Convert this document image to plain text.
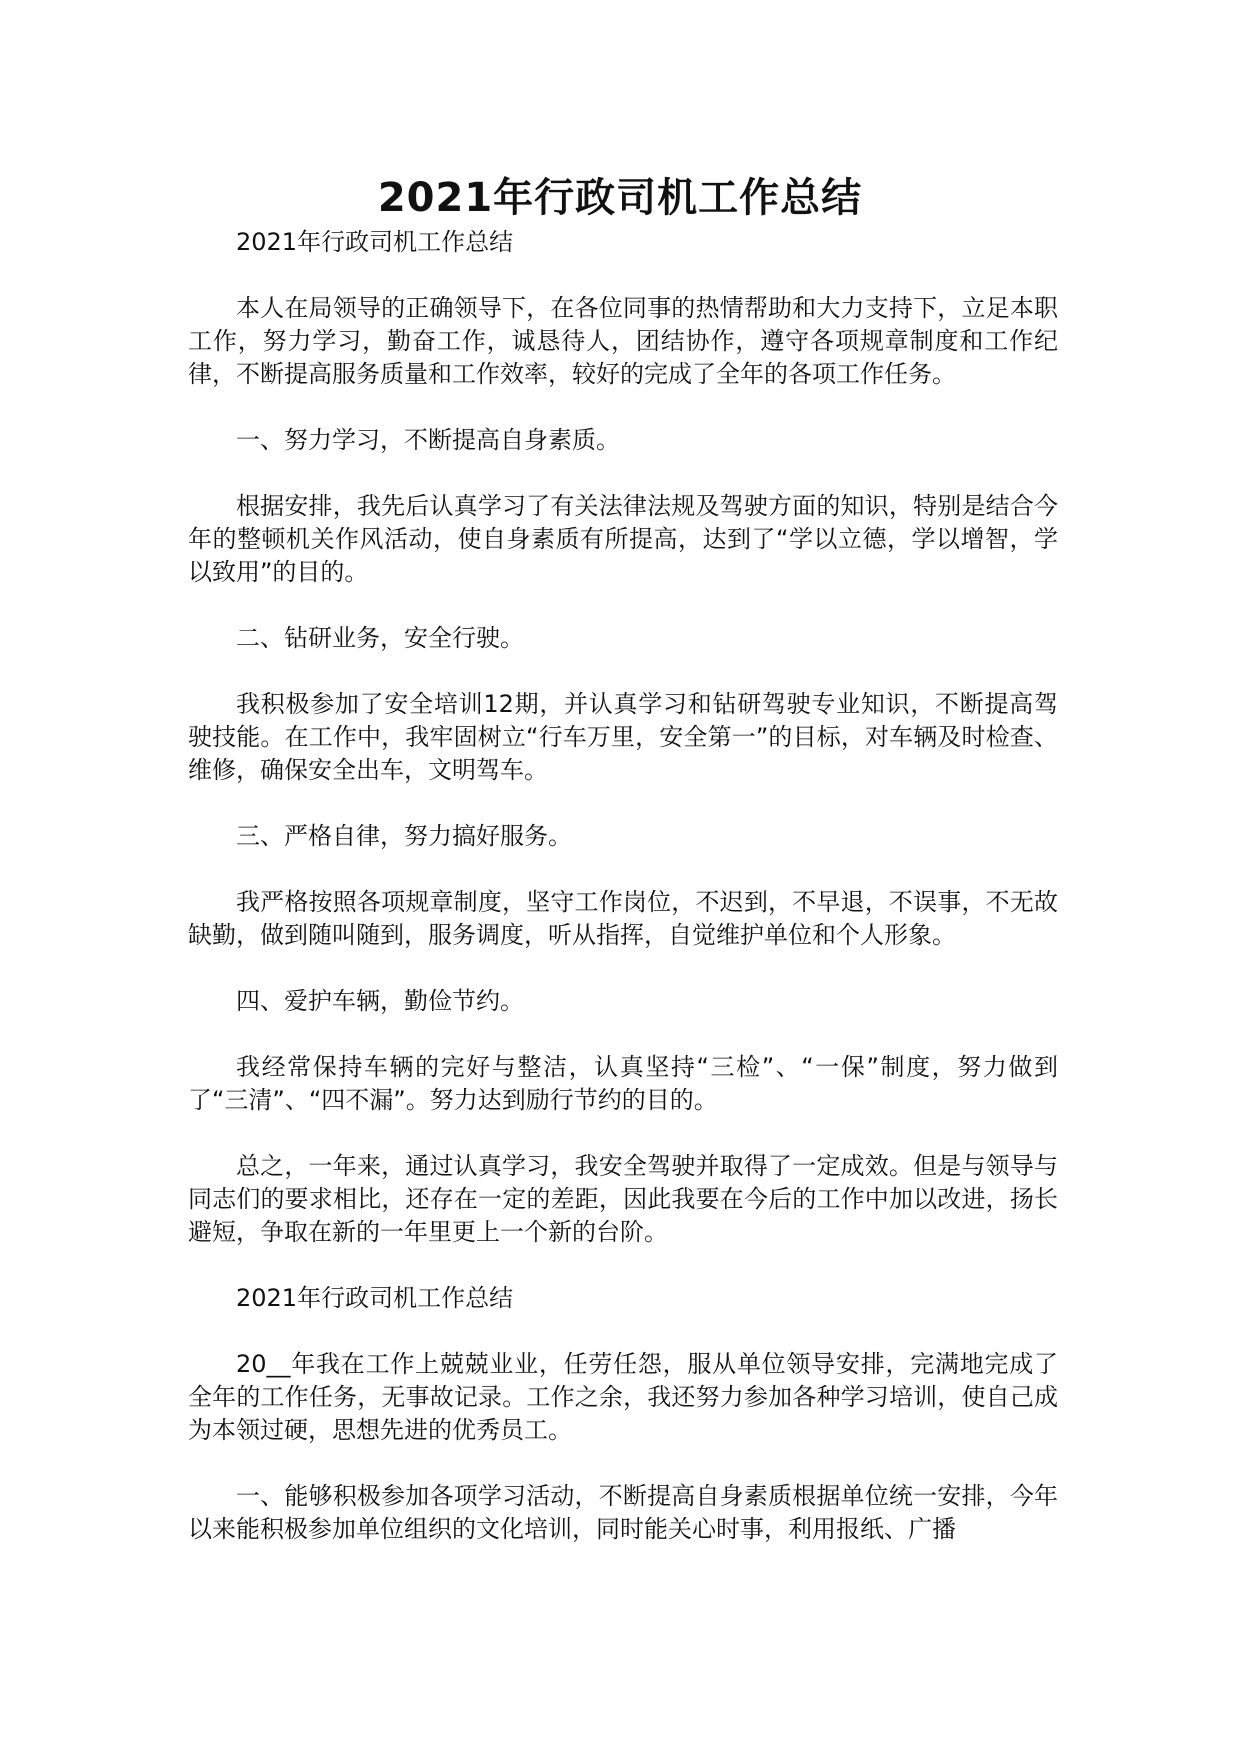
2021年行政司机工作总结

2021年行政司机工作总结

本人在局领导的正确领导下，在各位同事的热情帮助和大力支持下，立足本职工作，努力学习，勤奋工作，诚恳待人，团结协作，遵守各项规章制度和工作纪律，不断提高服务质量和工作效率，较好的完成了全年的各项工作任务。

一、努力学习，不断提高自身素质。

根据安排，我先后认真学习了有关法律法规及驾驶方面的知识，特别是结合今年的整顿机关作风活动，使自身素质有所提高，达到了“学以立德，学以增智，学以致用”的目的。

二、钻研业务，安全行驶。

我积极参加了安全培训12期，并认真学习和钻研驾驶专业知识，不断提高驾驶技能。在工作中，我牢固树立“行车万里，安全第一”的目标，对车辆及时检查、维修，确保安全出车，文明驾车。

三、严格自律，努力搞好服务。

我严格按照各项规章制度，坚守工作岗位，不迟到，不早退，不误事，不无故缺勤，做到随叫随到，服务调度，听从指挥，自觉维护单位和个人形象。

四、爱护车辆，勤俭节约。

我经常保持车辆的完好与整洁，认真坚持“三检”、“一保”制度，努力做到了“三清”、“四不漏”。努力达到励行节约的目的。

总之，一年来，通过认真学习，我安全驾驶并取得了一定成效。但是与领导与同志们的要求相比，还存在一定的差距，因此我要在今后的工作中加以改进，扬长避短，争取在新的一年里更上一个新的台阶。

2021年行政司机工作总结

20__年我在工作上兢兢业业，任劳任怨，服从单位领导安排，完满地完成了全年的工作任务，无事故记录。工作之余，我还努力参加各种学习培训，使自己成为本领过硬，思想先进的优秀员工。

一、能够积极参加各项学习活动，不断提高自身素质根据单位统一安排，今年以来能积极参加单位组织的文化培训，同时能关心时事，利用报纸、广播
